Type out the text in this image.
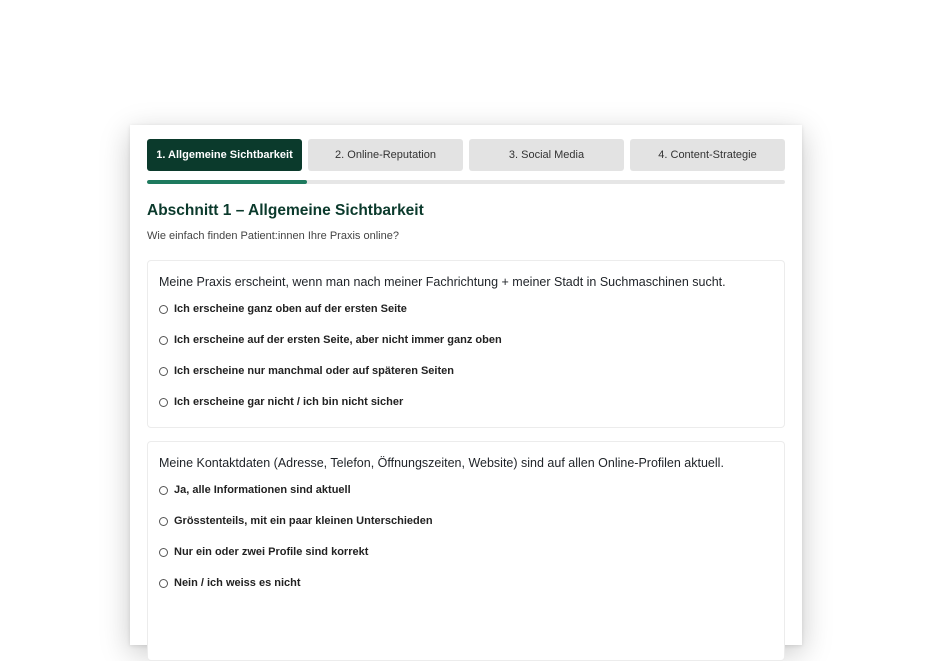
1. Allgemeine Sichtbarkeit	2. Online-Reputation	3. Social Media	4. Content-Strategie
Abschnitt 1 – Allgemeine Sichtbarkeit
Wie einfach finden Patient:innen Ihre Praxis online?
Meine Praxis erscheint, wenn man nach meiner Fachrichtung + meiner Stadt in Suchmaschinen sucht.
Ich erscheine ganz oben auf der ersten Seite
Ich erscheine auf der ersten Seite, aber nicht immer ganz oben
Ich erscheine nur manchmal oder auf späteren Seiten
Ich erscheine gar nicht / ich bin nicht sicher
Meine Kontaktdaten (Adresse, Telefon, Öffnungszeiten, Website) sind auf allen Online-Profilen aktuell.
Ja, alle Informationen sind aktuell
Grösstenteils, mit ein paar kleinen Unterschieden
Nur ein oder zwei Profile sind korrekt
Nein / ich weiss es nicht
